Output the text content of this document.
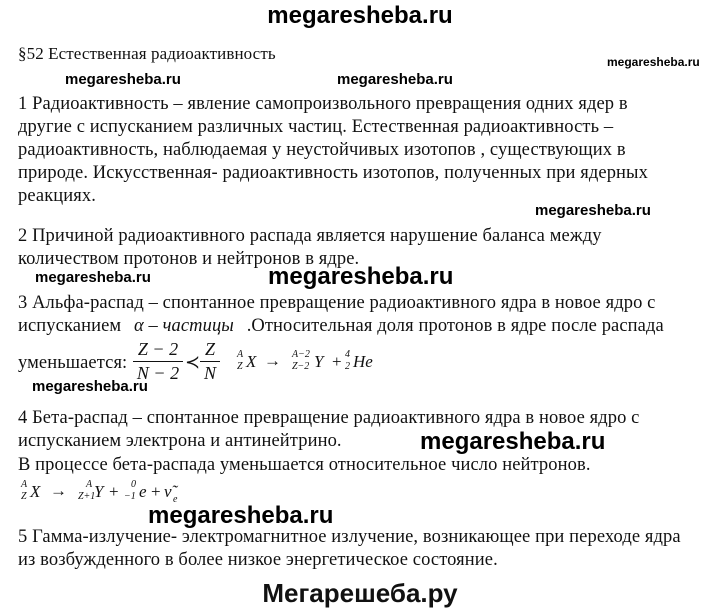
megaresheba.ru
§52 Естественная радиоактивность	megaresheba.ru
megaresheba.ru	megaresheba.ru
1 Радиоактивность – явление самопроизвольного превращения одних ядер в
другие с испусканием различных частиц. Естественная радиоактивность –
радиоактивность, наблюдаемая у неустойчивых изотопов , существующих в
природе. Искусственная- радиоактивность изотопов, полученных при ядерных
реакциях.
megaresheba.ru
2 Причиной радиоактивного распада является нарушение баланса между
количеством протонов и нейтронов в ядре.
megaresheba.ru	megaresheba.ru
3 Альфа-распад – спонтанное превращение радиоактивного ядра в новое ядро с
испусканием α – частицы .Относительная доля протонов в ядре после распада
уменьшается:
Z − 2
N − 2
≺
Z
N
A
Z X → A−2
Z−2 Y + 4
2 He
megaresheba.ru
4 Бета-распад – спонтанное превращение радиоактивного ядра в новое ядро с
испусканием электрона и антинейтрино.
В процессе бета-распада уменьшается относительное число нейтронов.
megaresheba.ru
A
Z X → A
Z+1
Y + 0
−1 e + ν̃ e
megaresheba.ru
5 Гамма-излучение- электромагнитное излучение, возникающее при переходе ядра
из возбужденного в более низкое энергетическое состояние.
Мегарешеба.ру
